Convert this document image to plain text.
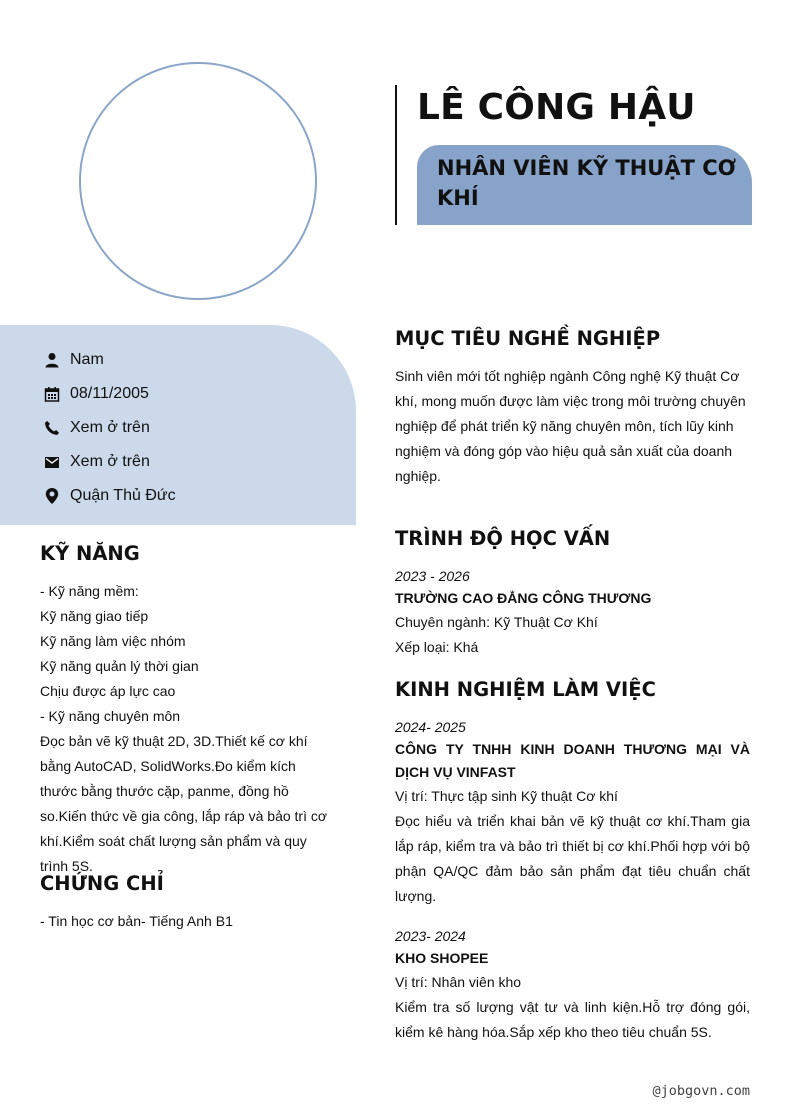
LÊ CÔNG HẬU
NHÂN VIÊN KỸ THUẬT CƠ KHÍ
Nam
08/11/2005
Xem ở trên
Xem ở trên
Quận Thủ Đức
KỸ NĂNG
- Kỹ năng mềm:
Kỹ năng giao tiếp
Kỹ năng làm việc nhóm
Kỹ năng quản lý thời gian
Chịu được áp lực cao
- Kỹ năng chuyên môn
Đọc bản vẽ kỹ thuật 2D, 3D.Thiết kế cơ khí bằng AutoCAD, SolidWorks.Đo kiểm kích thước bằng thước cặp, panme, đồng hồ so.Kiến thức về gia công, lắp ráp và bảo trì cơ khí.Kiểm soát chất lượng sản phẩm và quy trình 5S.
CHỨNG CHỈ
- Tin học cơ bản- Tiếng Anh B1
MỤC TIÊU NGHỀ NGHIỆP
Sinh viên mới tốt nghiệp ngành Công nghệ Kỹ thuật Cơ khí, mong muốn được làm việc trong môi trường chuyên nghiệp để phát triển kỹ năng chuyên môn, tích lũy kinh nghiệm và đóng góp vào hiệu quả sản xuất của doanh nghiệp.
TRÌNH ĐỘ HỌC VẤN
2023 - 2026
TRƯỜNG CAO ĐẲNG CÔNG THƯƠNG
Chuyên ngành: Kỹ Thuật Cơ Khí
Xếp loại: Khá
KINH NGHIỆM LÀM VIỆC
2024- 2025
CÔNG TY TNHH KINH DOANH THƯƠNG MẠI VÀ DỊCH VỤ VINFAST
Vị trí: Thực tập sinh Kỹ thuật Cơ khí
Đọc hiểu và triển khai bản vẽ kỹ thuật cơ khí.Tham gia lắp ráp, kiểm tra và bảo trì thiết bị cơ khí.Phối hợp với bộ phận QA/QC đảm bảo sản phẩm đạt tiêu chuẩn chất lượng.
2023- 2024
KHO SHOPEE
Vị trí: Nhân viên kho
Kiểm tra số lượng vật tư và linh kiện.Hỗ trợ đóng gói, kiểm kê hàng hóa.Sắp xếp kho theo tiêu chuẩn 5S.
@jobgovn.com
